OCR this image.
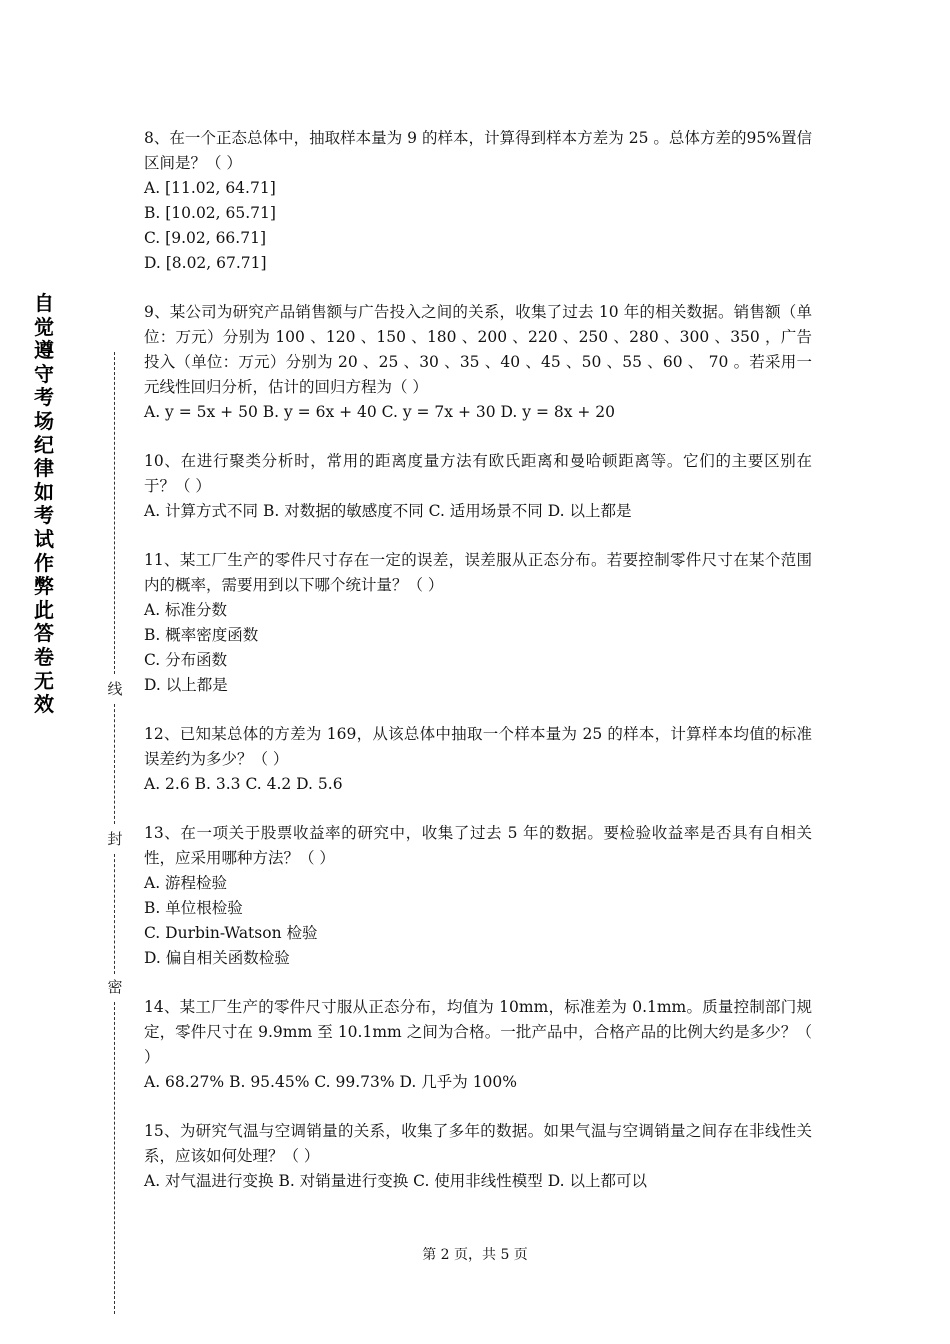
自觉遵守考场纪律如考试作弊此答卷无效
线
封
密

8、在一个正态总体中，抽取样本量为 9 的样本，计算得到样本方差为 25 。总体方差的95%置信区间是？（ ）

A. [11.02, 64.71]
B. [10.02, 65.71]
C. [9.02, 66.71]
D. [8.02, 67.71]

9、某公司为研究产品销售额与广告投入之间的关系，收集了过去 10 年的相关数据。销售额（单位：万元）分别为 100 、120 、150 、180 、200 、220 、250 、280 、300 、350 ，广告投入（单位：万元）分别为 20 、25 、30 、35 、40 、45 、50 、55 、60 、 70 。若采用一元线性回归分析，估计的回归方程为（ ）

A. y = 5x + 50 B. y = 6x + 40 C. y = 7x + 30 D. y = 8x + 20

10、在进行聚类分析时，常用的距离度量方法有欧氏距离和曼哈顿距离等。它们的主要区别在于？（ ）

A. 计算方式不同 B. 对数据的敏感度不同 C. 适用场景不同 D. 以上都是

11、某工厂生产的零件尺寸存在一定的误差，误差服从正态分布。若要控制零件尺寸在某个范围内的概率，需要用到以下哪个统计量？（ ）

A. 标准分数
B. 概率密度函数
C. 分布函数
D. 以上都是

12、已知某总体的方差为 169，从该总体中抽取一个样本量为 25 的样本，计算样本均值的标准误差约为多少？（ ）

A. 2.6 B. 3.3 C. 4.2 D. 5.6

13、在一项关于股票收益率的研究中，收集了过去 5 年的数据。要检验收益率是否具有自相关性，应采用哪种方法？（ ）

A. 游程检验
B. 单位根检验
C. Durbin-Watson 检验
D. 偏自相关函数检验

14、某工厂生产的零件尺寸服从正态分布，均值为 10mm，标准差为 0.1mm。质量控制部门规定，零件尺寸在 9.9mm 至 10.1mm 之间为合格。一批产品中，合格产品的比例大约是多少？（ ）

A. 68.27% B. 95.45% C. 99.73% D. 几乎为 100%

15、为研究气温与空调销量的关系，收集了多年的数据。如果气温与空调销量之间存在非线性关系，应该如何处理？（ ）

A. 对气温进行变换 B. 对销量进行变换 C. 使用非线性模型 D. 以上都可以
第 2 页，共 5 页
